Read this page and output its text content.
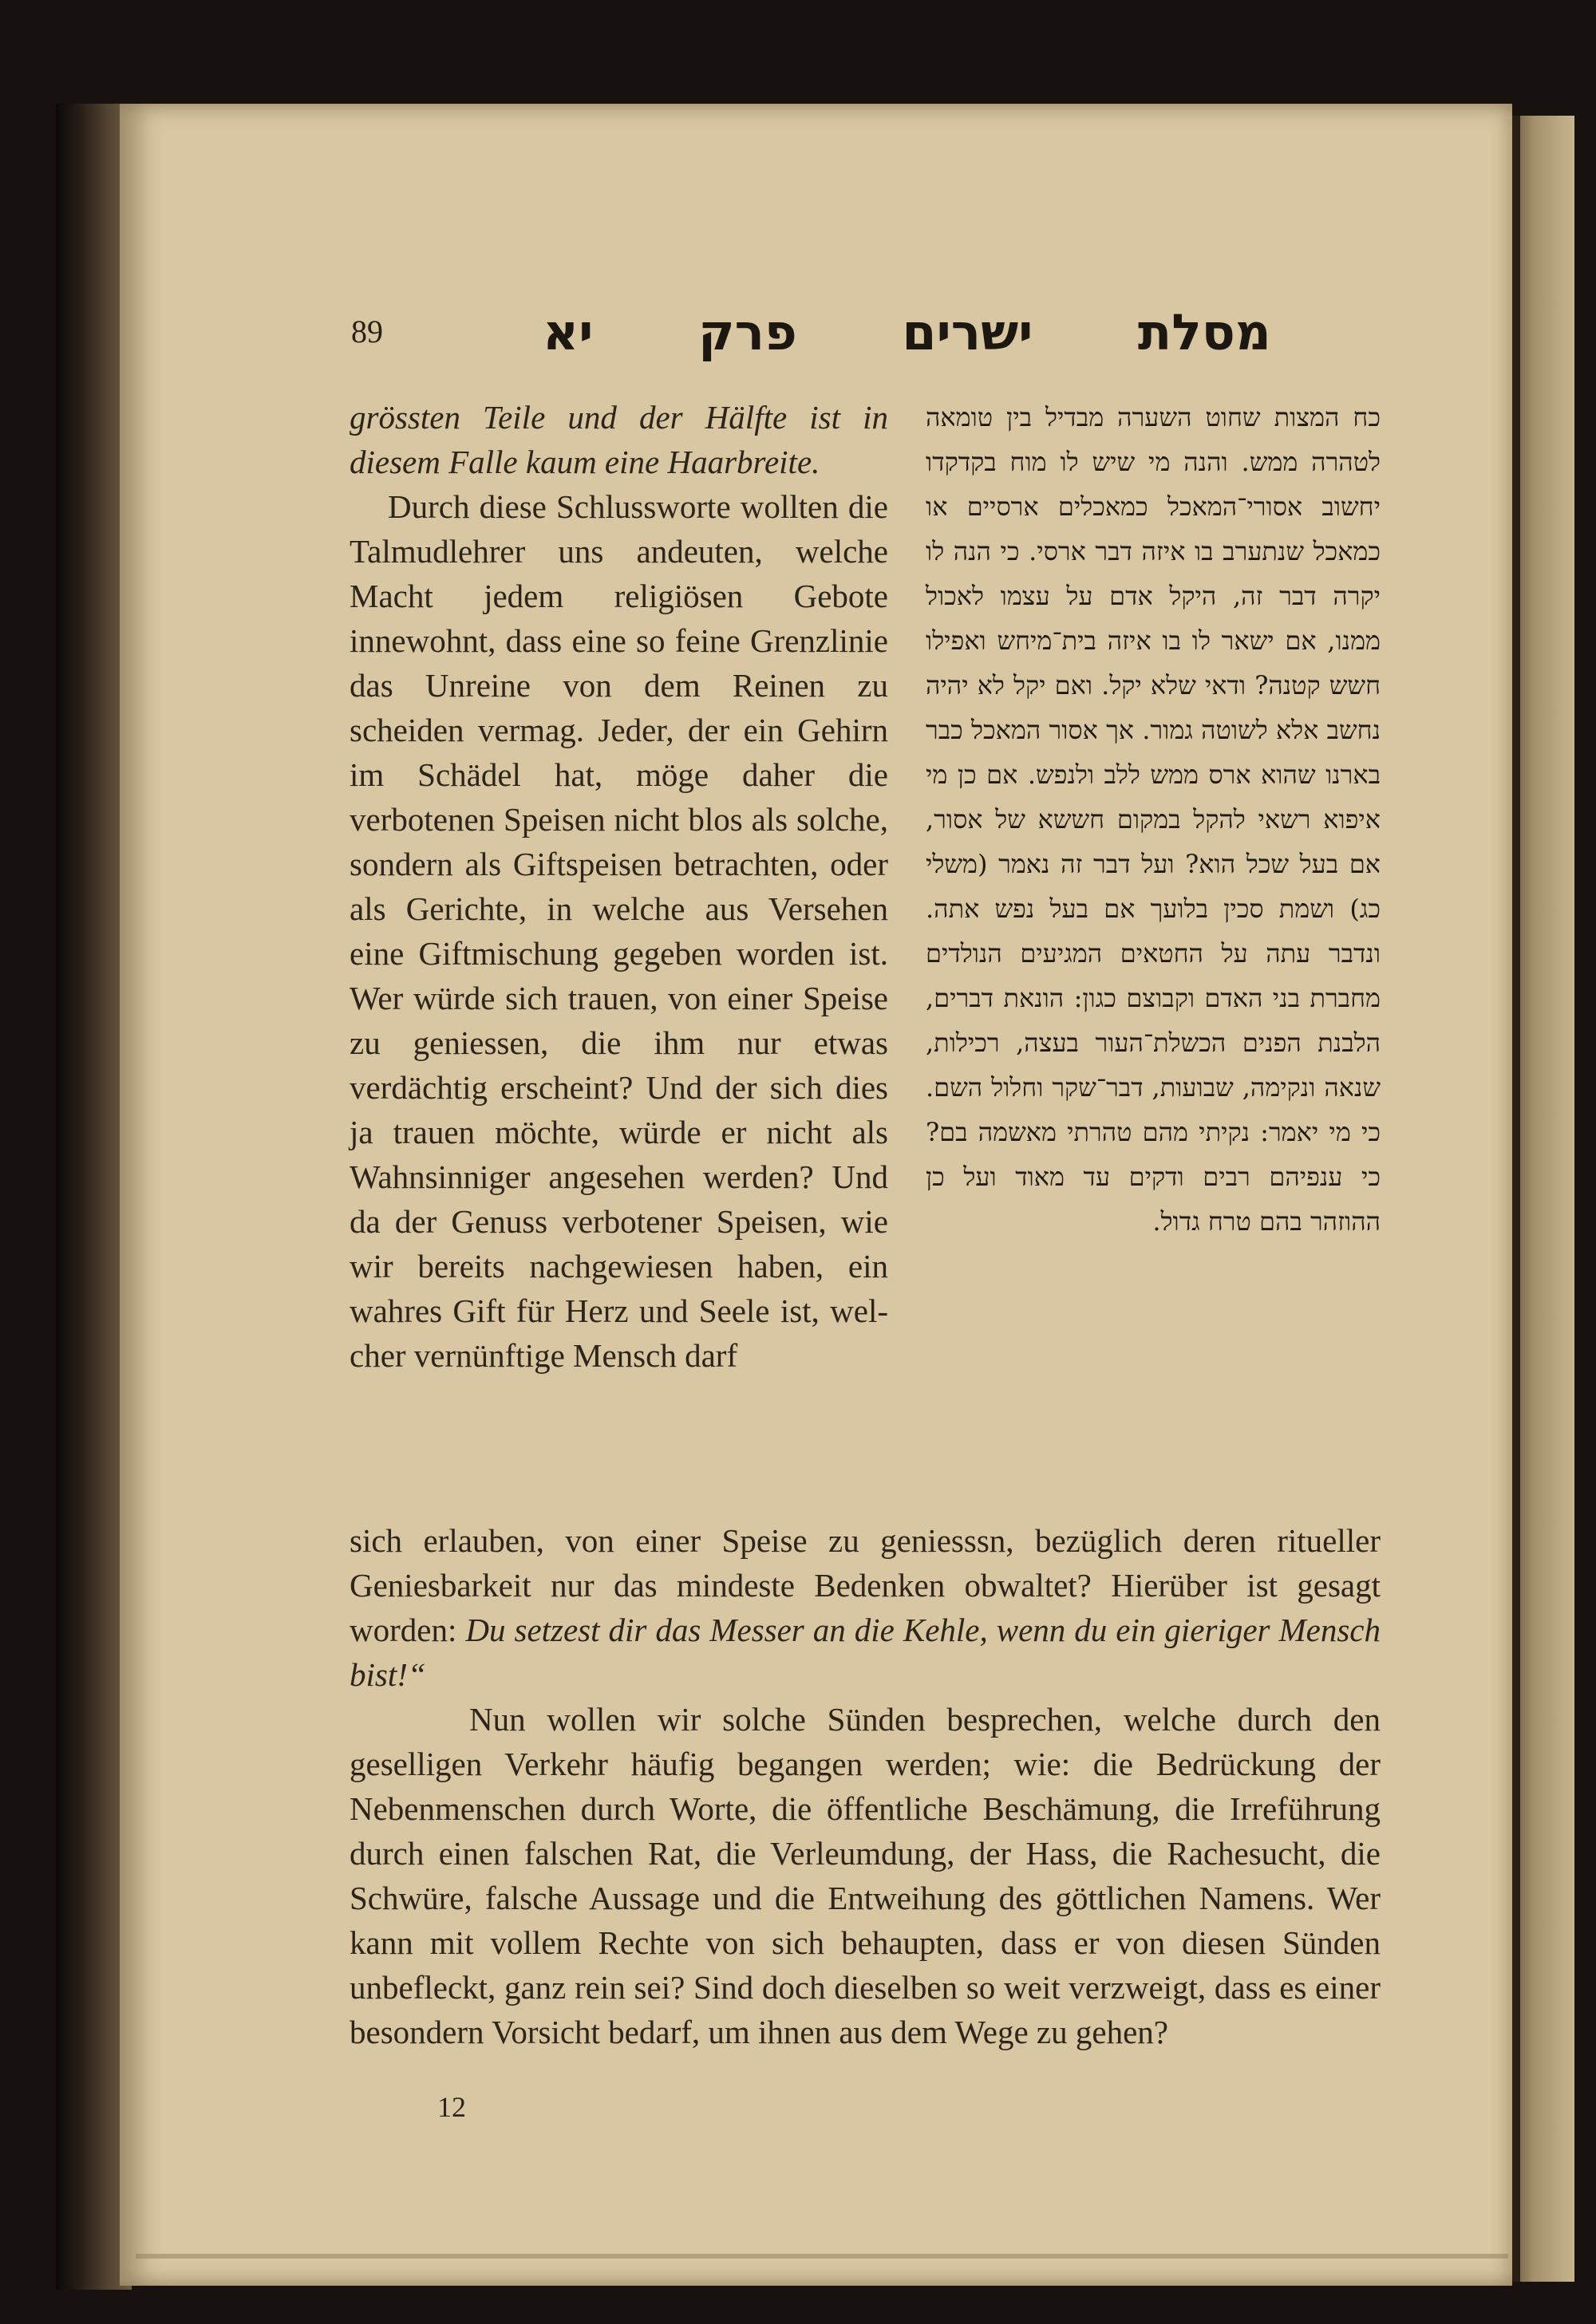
89	מסלת ישרים פרק יא

grössten Teile und der Hälfte ist in diesem Falle kaum eine Haarbreite.

Durch diese Schlussworte wollten die Talmudlehrer uns andeuten, welche Macht jedem religiösen Gebote innewohnt, dass eine so feine Grenzlinie das Unreine von dem Reinen zu scheiden vermag. Jeder, der ein Gehirn im Schädel hat, möge daher die verbotenen Speisen nicht blos als solche, sondern als Giftspeisen betrachten, oder als Gerichte, in welche aus Versehen eine Giftmischung gegeben worden ist. Wer würde sich trauen, von einer Speise zu geniessen, die ihm nur etwas verdächtig erscheint? Und der sich dies ja trauen möchte, würde er nicht als Wahnsinniger angesehen werden? Und da der Genuss verbotener Speisen, wie wir bereits nachgewiesen haben, ein wahres Gift für Herz und Seele ist, welcher vernünftige Mensch darf

כח המצות שחוט השערה מבדיל בין טומאה לטהרה ממש. והנה מי שיש לו מוח בקדקדו יחשוב אסורי־המאכל כמאכלים ארסיים או כמאכל שנתערב בו איזה דבר ארסי. כי הנה לו יקרה דבר זה, היקל אדם על עצמו לאכול ממנו, אם ישאר לו בו איזה בית־מיחש ואפילו חשש קטנה? ודאי שלא יקל. ואם יקל לא יהיה נחשב אלא לשוטה גמור. אך אסור המאכל כבר בארנו שהוא ארס ממש ללב ולנפש. אם כן מי איפוא רשאי להקל במקום חששא של אסור, אם בעל שכל הוא? ועל דבר זה נאמר (משלי כג) ושמת סכין בלועך אם בעל נפש אתה. ונדבר עתה על החטאים המגיעים הנולדים מחברת בני האדם וקבוצם כגון: הונאת דברים, הלבנת הפנים הכשלת־העור בעצה, רכילות, שנאה ונקימה, שבועות, דבר־שקר וחלול השם. כי מי יאמר: נקיתי מהם טהרתי מאשמה בם? כי ענפיהם רבים ודקים עד מאוד ועל כן ההוזהר בהם טרח גדול.

sich erlauben, von einer Speise zu geniesssn, bezüglich deren ritueller Geniesbarkeit nur das mindeste Bedenken obwaltet? Hierüber ist gesagt worden: Du setzest dir das Messer an die Kehle, wenn du ein gieriger Mensch bist!“

Nun wollen wir solche Sünden besprechen, welche durch den geselligen Verkehr häufig begangen werden; wie: die Bedrückung der Nebenmenschen durch Worte, die öffentliche Beschämung, die Irreführung durch einen falschen Rat, die Verleumdung, der Hass, die Rachesucht, die Schwüre, falsche Aussage und die Entweihung des göttlichen Namens. Wer kann mit vollem Rechte von sich behaupten, dass er von diesen Sünden unbefleckt, ganz rein sei? Sind doch dieselben so weit verzweigt, dass es einer besondern Vorsicht bedarf, um ihnen aus dem Wege zu gehen?

12
